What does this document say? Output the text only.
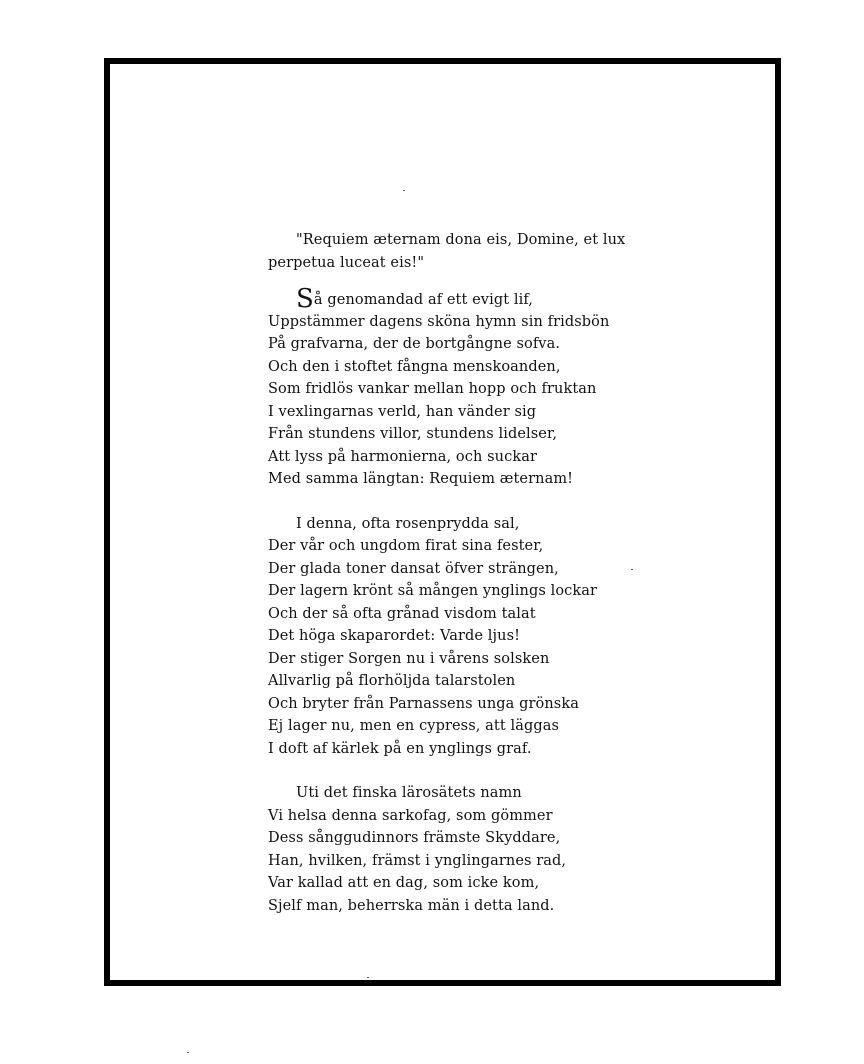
"Requiem æternam dona eis, Domine, et lux
perpetua luceat eis!"
Så genomandad af ett evigt lif,
Uppstämmer dagens sköna hymn sin fridsbön
På grafvarna, der de bortgångne sofva.
Och den i stoftet fångna menskoanden,
Som fridlös vankar mellan hopp och fruktan
I vexlingarnas verld, han vänder sig
Från stundens villor, stundens lidelser,
Att lyss på harmonierna, och suckar
Med samma längtan: Requiem æternam!
I denna, ofta rosenprydda sal,
Der vår och ungdom firat sina fester,
Der glada toner dansat öfver strängen,
Der lagern krönt så mången ynglings lockar
Och der så ofta grånad visdom talat
Det höga skaparordet: Varde ljus!
Der stiger Sorgen nu i vårens solsken
Allvarlig på florhöljda talarstolen
Och bryter från Parnassens unga grönska
Ej lager nu, men en cypress, att läggas
I doft af kärlek på en ynglings graf.
Uti det finska lärosätets namn
Vi helsa denna sarkofag, som gömmer
Dess sånggudinnors främste Skyddare,
Han, hvilken, främst i ynglingarnes rad,
Var kallad att en dag, som icke kom,
Sjelf man, beherrska män i detta land.
